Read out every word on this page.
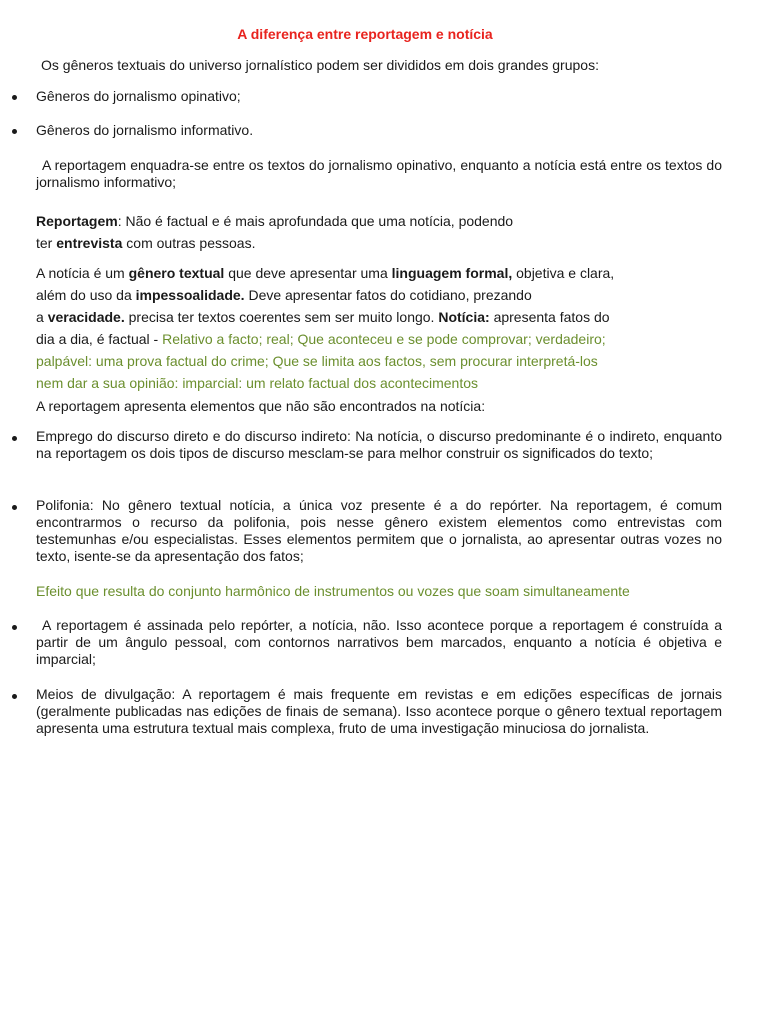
A diferença entre reportagem e notícia
Os gêneros textuais do universo jornalístico podem ser divididos em dois grandes grupos:
Gêneros do jornalismo opinativo;
Gêneros do jornalismo informativo.
A reportagem enquadra-se entre os textos do jornalismo opinativo, enquanto a notícia está entre os textos do jornalismo informativo;
Reportagem: Não é factual e é mais aprofundada que uma notícia, podendo
ter entrevista com outras pessoas.
A notícia é um gênero textual que deve apresentar uma linguagem formal, objetiva e clara,
além do uso da impessoalidade. Deve apresentar fatos do cotidiano, prezando
a veracidade. precisa ter textos coerentes sem ser muito longo. Notícia: apresenta fatos do
dia a dia, é factual - Relativo a facto; real; Que aconteceu e se pode comprovar; verdadeiro;
palpável: uma prova factual do crime; Que se limita aos factos, sem procurar interpretá-los
nem dar a sua opinião: imparcial: um relato factual dos acontecimentos
A reportagem apresenta elementos que não são encontrados na notícia:
Emprego do discurso direto e do discurso indireto: Na notícia, o discurso predominante é o indireto, enquanto na reportagem os dois tipos de discurso mesclam-se para melhor construir os significados do texto;
Polifonia: No gênero textual notícia, a única voz presente é a do repórter. Na reportagem, é comum encontrarmos o recurso da polifonia, pois nesse gênero existem elementos como entrevistas com testemunhas e/ou especialistas. Esses elementos permitem que o jornalista, ao apresentar outras vozes no texto, isente-se da apresentação dos fatos;
Efeito que resulta do conjunto harmônico de instrumentos ou vozes que soam simultaneamente
A reportagem é assinada pelo repórter, a notícia, não. Isso acontece porque a reportagem é construída a partir de um ângulo pessoal, com contornos narrativos bem marcados, enquanto a notícia é objetiva e imparcial;
Meios de divulgação: A reportagem é mais frequente em revistas e em edições específicas de jornais (geralmente publicadas nas edições de finais de semana). Isso acontece porque o gênero textual reportagem apresenta uma estrutura textual mais complexa, fruto de uma investigação minuciosa do jornalista.
